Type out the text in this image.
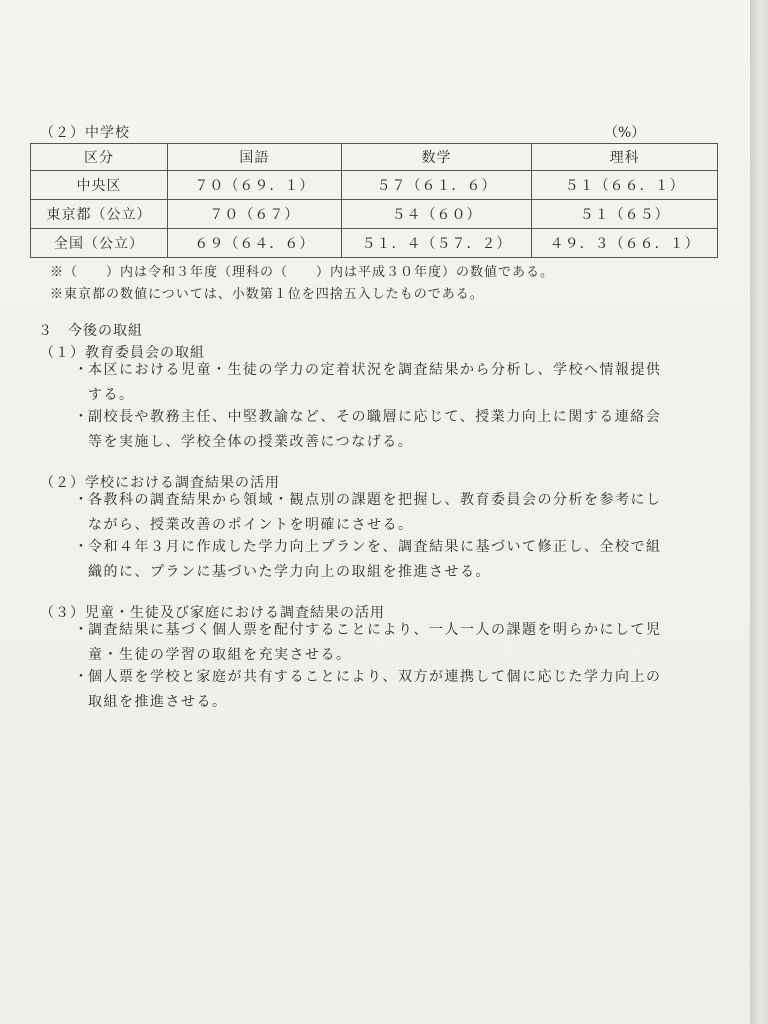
（２）中学校	（%）
区分	国語	数学	理科
中央区	７０（６９．１）	５７（６１．６）	５１（６６．１）
東京都（公立）	７０（６７）	５４（６０）	５１（６５）
全国（公立）	６９（６４．６）	５１．４（５７．２）	４９．３（６６．１）
※（　　）内は令和３年度（理科の（　　）内は平成３０年度）の数値である。
※東京都の数値については、小数第１位を四捨五入したものである。
３　今後の取組
（１）教育委員会の取組
・ 本区における児童・生徒の学力の定着状況を調査結果から分析し、学校へ情報提供
する。
・ 副校長や教務主任、中堅教諭など、その職層に応じて、授業力向上に関する連絡会
等を実施し、学校全体の授業改善につなげる。
（２）学校における調査結果の活用
・ 各教科の調査結果から領域・観点別の課題を把握し、教育委員会の分析を参考にし
ながら、授業改善のポイントを明確にさせる。
・ 令和４年３月に作成した学力向上プランを、調査結果に基づいて修正し、全校で組
織的に、プランに基づいた学力向上の取組を推進させる。
（３）児童・生徒及び家庭における調査結果の活用
・ 調査結果に基づく個人票を配付することにより、一人一人の課題を明らかにして児
童・生徒の学習の取組を充実させる。
・ 個人票を学校と家庭が共有することにより、双方が連携して個に応じた学力向上の
取組を推進させる。
